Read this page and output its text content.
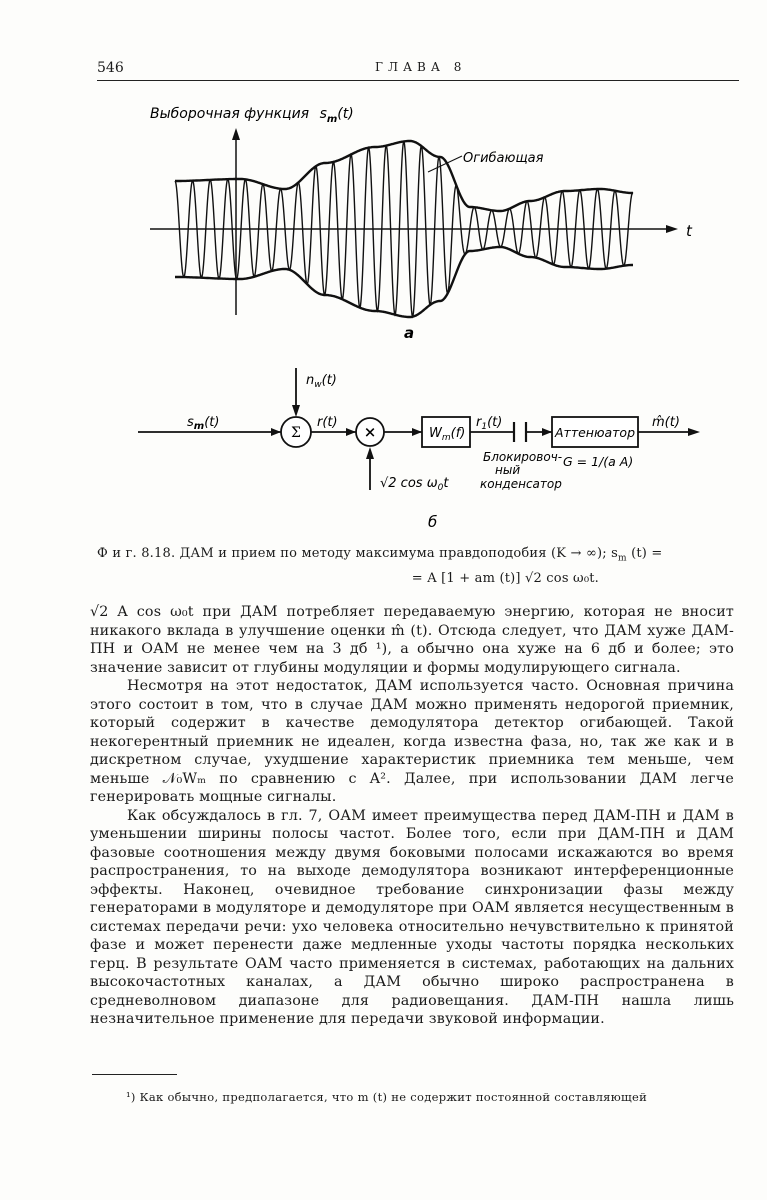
546	ГЛАВА 8
Выборочная функция $s_m(t)$
t
Огибающая
а
Σ	×	$W_m(f)$	Аттенюатор
$s_m(t)$
$n_w(t)$
r(t)	$r_1(t)$	m̂(t)
√2 $\cos \omega_0t$
Блокировоч-
ный
конденсатор
G = 1/(a A)
б
Ф и г. 8.18. ДАМ и прием по методу максимума правдоподобия (K → ∞); $s_m$ (t) =
= A [1 + am (t)] √2 cos ω₀t.

√2 A cos ω₀t при ДАМ потребляет передаваемую энергию, которая не вносит никакого вклада в улучшение оценки m̂ (t). Отсюда следует, что ДАМ хуже ДАМ-ПН и ОАМ не менее чем на 3 дб ¹), а обычно она хуже на 6 дб и более; это значение зависит от глубины модуляции и формы модулирующего сигнала.

Несмотря на этот недостаток, ДАМ используется часто. Основная причина этого состоит в том, что в случае ДАМ можно применять недорогой приемник, который содержит в качестве демодулятора детектор огибающей. Такой некогерентный приемник не идеален, когда известна фаза, но, так же как и в дискретном случае, ухудшение характеристик приемника тем меньше, чем меньше 𝒩₀Wₘ по сравнению с A². Далее, при использовании ДАМ легче генерировать мощные сигналы.

Как обсуждалось в гл. 7, ОАМ имеет преимущества перед ДАМ-ПН и ДАМ в уменьшении ширины полосы частот. Более того, если при ДАМ-ПН и ДАМ фазовые соотношения между двумя боковыми полосами искажаются во время распространения, то на выходе демодулятора возникают интерференционные эффекты. Наконец, очевидное требование синхронизации фазы между генераторами в модуляторе и демодуляторе при ОАМ является несущественным в системах передачи речи: ухо человека относительно нечувствительно к принятой фазе и может перенести даже медленные уходы частоты порядка нескольких герц. В результате ОАМ часто применяется в системах, работающих на дальних высокочастотных каналах, а ДАМ обычно широко распространена в средневолновом диапазоне для радиовещания. ДАМ-ПН нашла лишь незначительное применение для передачи звуковой информации.

¹) Как обычно, предполагается, что m (t) не содержит постоянной составляющей
